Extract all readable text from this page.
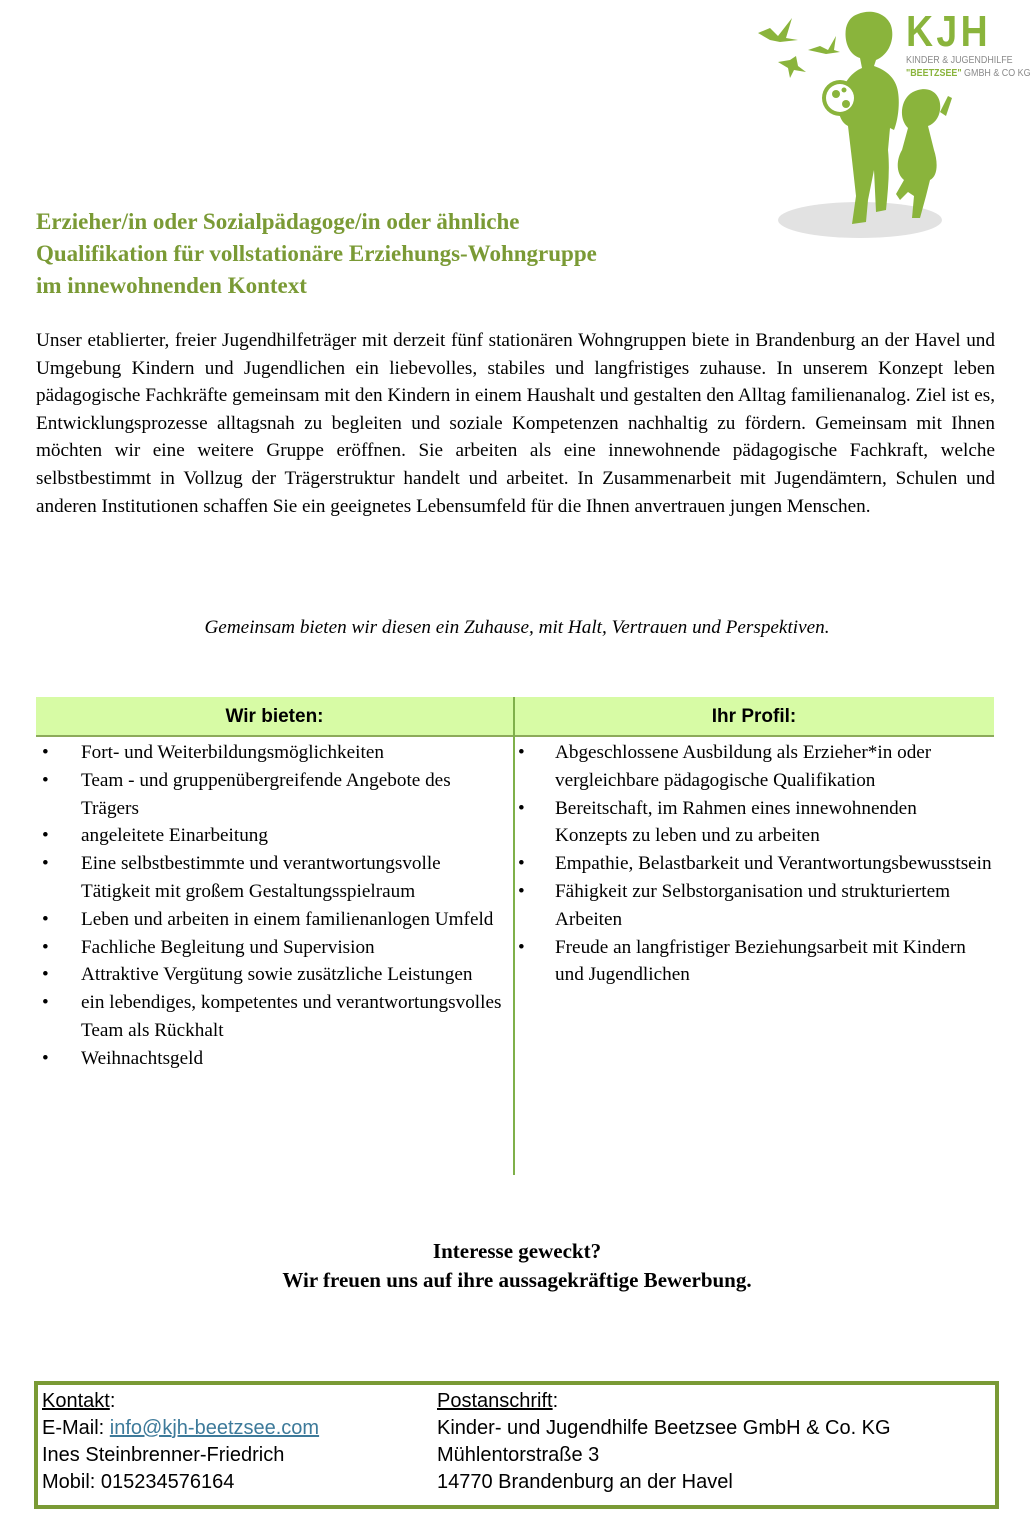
KJH
KINDER & JUGENDHILFE
"BEETZSEE" GMBH & CO KG
Erzieher/in oder Sozialpädagoge/in oder ähnliche
Qualifikation für vollstationäre Erziehungs-Wohngruppe
im innewohnenden Kontext

Unser etablierter, freier Jugendhilfeträger mit derzeit fünf stationären Wohngruppen biete in Brandenburg an der Havel und Umgebung Kindern und Jugendlichen ein liebevolles, stabiles und langfristiges zuhause. In unserem Konzept leben pädagogische Fachkräfte gemeinsam mit den Kindern in einem Haushalt und gestalten den Alltag familienanalog. Ziel ist es, Entwicklungsprozesse alltagsnah zu begleiten und soziale Kompetenzen nachhaltig zu fördern. Gemeinsam mit Ihnen möchten wir eine weitere Gruppe eröffnen. Sie arbeiten als eine innewohnende pädagogische Fachkraft, welche selbstbestimmt in Vollzug der Trägerstruktur handelt und arbeitet. In Zusammenarbeit mit Jugendämtern, Schulen und anderen Institutionen schaffen Sie ein geeignetes Lebensumfeld für die Ihnen anvertrauen jungen Menschen.

Gemeinsam bieten wir diesen ein Zuhause, mit Halt, Vertrauen und Perspektiven.

Wir bieten:	Ihr Profil:
• Fort- und Weiterbildungsmöglichkeiten
• Team - und gruppenübergreifende Angebote des Trägers
• angeleitete Einarbeitung
• Eine selbstbestimmte und verantwortungsvolle Tätigkeit mit großem Gestaltungsspielraum
• Leben und arbeiten in einem familienanlogen Umfeld
• Fachliche Begleitung und Supervision
• Attraktive Vergütung sowie zusätzliche Leistungen
• ein lebendiges, kompetentes und verantwortungsvolles Team als Rückhalt
• Weihnachtsgeld
• Abgeschlossene Ausbildung als Erzieher*in oder vergleichbare pädagogische Qualifikation
• Bereitschaft, im Rahmen eines innewohnenden Konzepts zu leben und zu arbeiten
• Empathie, Belastbarkeit und Verantwortungsbewusstsein
• Fähigkeit zur Selbstorganisation und strukturiertem Arbeiten
• Freude an langfristiger Beziehungsarbeit mit Kindern und Jugendlichen
Interesse geweckt?
Wir freuen uns auf ihre aussagekräftige Bewerbung.
Kontakt:
E-Mail: info@kjh-beetzsee.com
Ines Steinbrenner-Friedrich
Mobil: 015234576164
Postanschrift:
Kinder- und Jugendhilfe Beetzsee GmbH & Co. KG
Mühlentorstraße 3
14770 Brandenburg an der Havel
